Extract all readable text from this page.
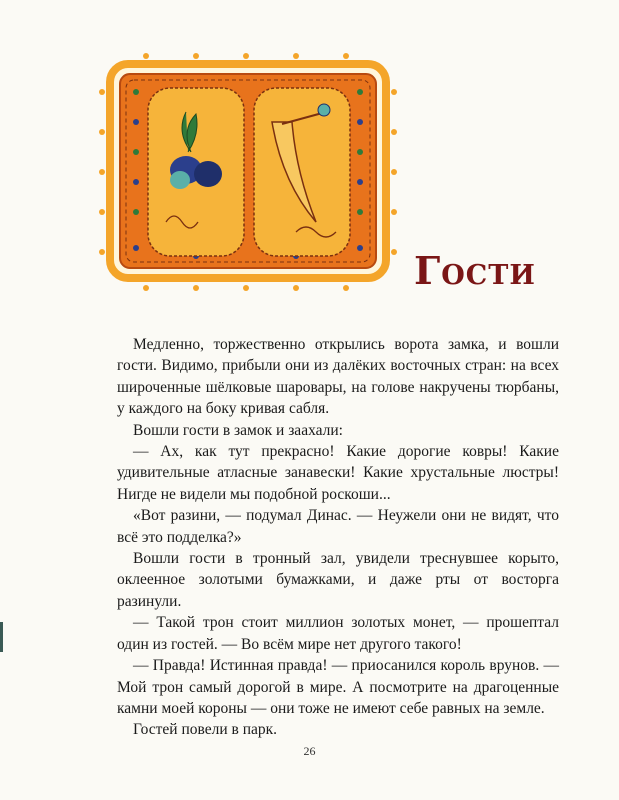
Гости

Медленно, торжественно открылись ворота замка, и вошли гости. Видимо, прибыли они из далёких восточных стран: на всех широченные шёлковые шаровары, на голове накручены тюрбаны, у каждого на боку кривая сабля.

Вошли гости в замок и заахали:

— Ах, как тут прекрасно! Какие дорогие ковры! Какие удивительные атласные занавески! Какие хрустальные люстры! Нигде не видели мы подобной роскоши...

«Вот разини, — подумал Динас. — Неужели они не видят, что всё это подделка?»

Вошли гости в тронный зал, увидели треснувшее корыто, оклеенное золотыми бумажками, и даже рты от восторга разинули.

— Такой трон стоит миллион золотых монет, — прошептал один из гостей. — Во всём мире нет другого такого!

— Правда! Истинная правда! — приосанился король врунов. — Мой трон самый дорогой в мире. А посмотрите на драгоценные камни моей короны — они тоже не имеют себе равных на земле.

Гостей повели в парк.

26
